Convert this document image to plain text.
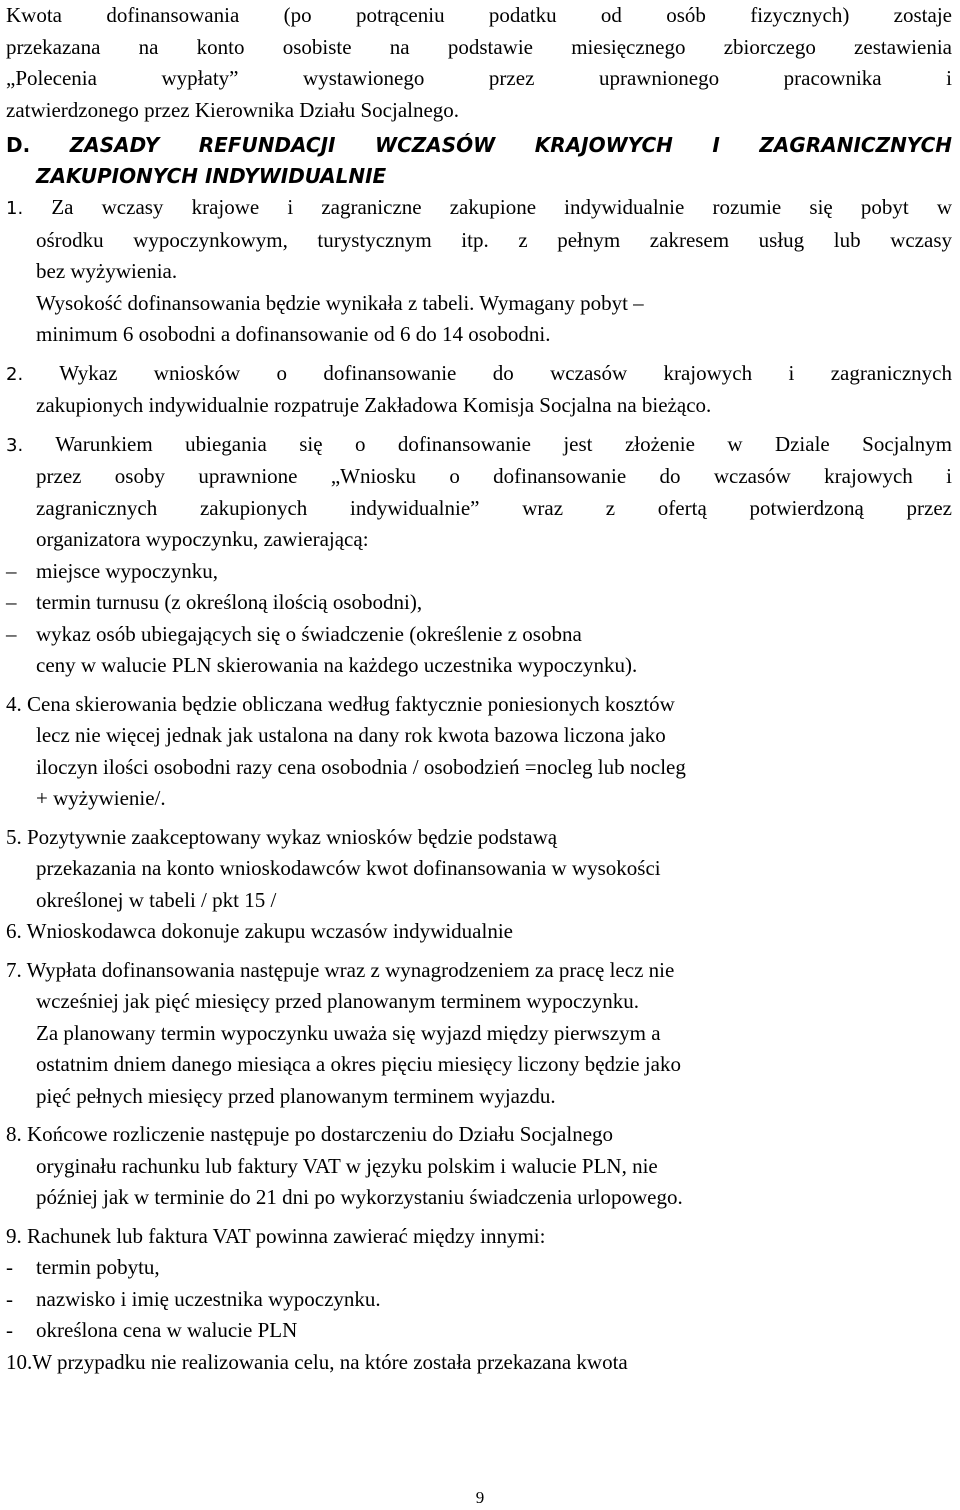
Kwota dofinansowania (po potrąceniu podatku od osób fizycznych) zostaje

przekazana na konto osobiste na podstawie miesięcznego zbiorczego zestawienia

„Polecenia wypłaty” wystawionego przez uprawnionego pracownika i

zatwierdzonego przez Kierownika Działu Socjalnego.

D. ZASADY REFUNDACJI WCZASÓW KRAJOWYCH I ZAGRANICZNYCH

ZAKUPIONYCH INDYWIDUALNIE

1. Za wczasy krajowe i zagraniczne zakupione indywidualnie rozumie się pobyt w

ośrodku wypoczynkowym, turystycznym itp. z pełnym zakresem usług lub wczasy

bez wyżywienia.

Wysokość dofinansowania będzie wynikała z tabeli. Wymagany pobyt –

minimum 6 osobodni a dofinansowanie od 6 do 14 osobodni.

2. Wykaz wniosków o dofinansowanie do wczasów krajowych i zagranicznych

zakupionych indywidualnie rozpatruje Zakładowa Komisja Socjalna na bieżąco.

3. Warunkiem ubiegania się o dofinansowanie jest złożenie w Dziale Socjalnym

przez osoby uprawnione „Wniosku o dofinansowanie do wczasów krajowych i

zagranicznych zakupionych indywidualnie” wraz z ofertą potwierdzoną przez

organizatora wypoczynku, zawierającą:

– miejsce wypoczynku,

– termin turnusu (z określoną ilością osobodni),

– wykaz osób ubiegających się o świadczenie (określenie z osobna

ceny w walucie PLN skierowania na każdego uczestnika wypoczynku).

4. Cena skierowania będzie obliczana według faktycznie poniesionych kosztów

lecz nie więcej jednak jak ustalona na dany rok kwota bazowa liczona jako

iloczyn ilości osobodni razy cena osobodnia / osobodzień =nocleg lub nocleg

+ wyżywienie/.

5. Pozytywnie zaakceptowany wykaz wniosków będzie podstawą

przekazania na konto wnioskodawców kwot dofinansowania w wysokości

określonej w tabeli / pkt 15 /

6. Wnioskodawca dokonuje zakupu wczasów indywidualnie

7. Wypłata dofinansowania następuje wraz z wynagrodzeniem za pracę lecz nie

wcześniej jak pięć miesięcy przed planowanym terminem wypoczynku.

Za planowany termin wypoczynku uważa się wyjazd między pierwszym a

ostatnim dniem danego miesiąca a okres pięciu miesięcy liczony będzie jako

pięć pełnych miesięcy przed planowanym terminem wyjazdu.

8. Końcowe rozliczenie następuje po dostarczeniu do Działu Socjalnego

oryginału rachunku lub faktury VAT w języku polskim i walucie PLN, nie

później jak w terminie do 21 dni po wykorzystaniu świadczenia urlopowego.

9. Rachunek lub faktura VAT powinna zawierać między innymi:

- termin pobytu,

- nazwisko i imię uczestnika wypoczynku.

- określona cena w walucie PLN

10.W przypadku nie realizowania celu, na które została przekazana kwota

9
